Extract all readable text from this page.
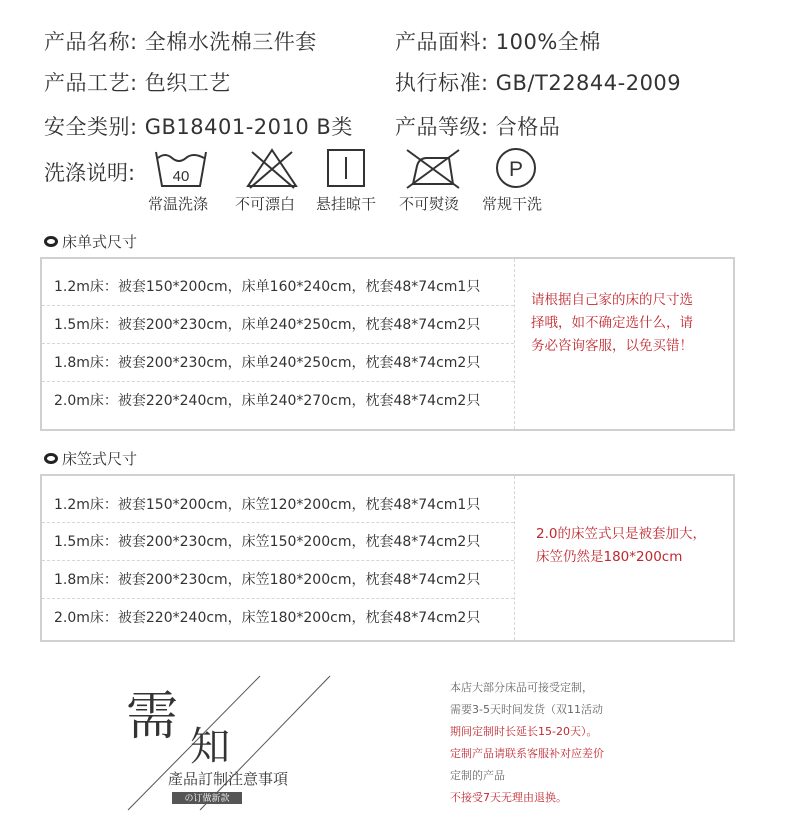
产品名称: 全棉水洗棉三件套	产品面料: 100%全棉
产品工艺: 色织工艺	执行标准: GB/T22844-2009
安全类别: GB18401-2010 B类 产品等级: 合格品
洗涤说明:	40	P
常温洗涤 不可漂白 悬挂晾干 不可熨烫 常规干洗
床单式尺寸
1.2m床：被套150*200cm，床单160*240cm，枕套48*74cm1只
1.5m床：被套200*230cm，床单240*250cm，枕套48*74cm2只
1.8m床：被套200*230cm，床单240*250cm，枕套48*74cm2只
2.0m床：被套220*240cm，床单240*270cm，枕套48*74cm2只
请根据自己家的床的尺寸选
择哦，如不确定选什么，请
务必咨询客服，以免买错！
床笠式尺寸
1.2m床：被套150*200cm，床笠120*200cm，枕套48*74cm1只
1.5m床：被套200*230cm，床笠150*200cm，枕套48*74cm2只
1.8m床：被套200*230cm，床笠180*200cm，枕套48*74cm2只
2.0m床：被套220*240cm，床笠180*200cm，枕套48*74cm2只
2.0的床笠式只是被套加大，
床笠仍然是180*200cm
需 知
產品訂制注意事項
の订做新款
本店大部分床品可接受定制，
需要3-5天时间发货（双11活动
期间定制时长延长15-20天）。
定制产品请联系客服补对应差价
定制的产品
不接受7天无理由退换。
